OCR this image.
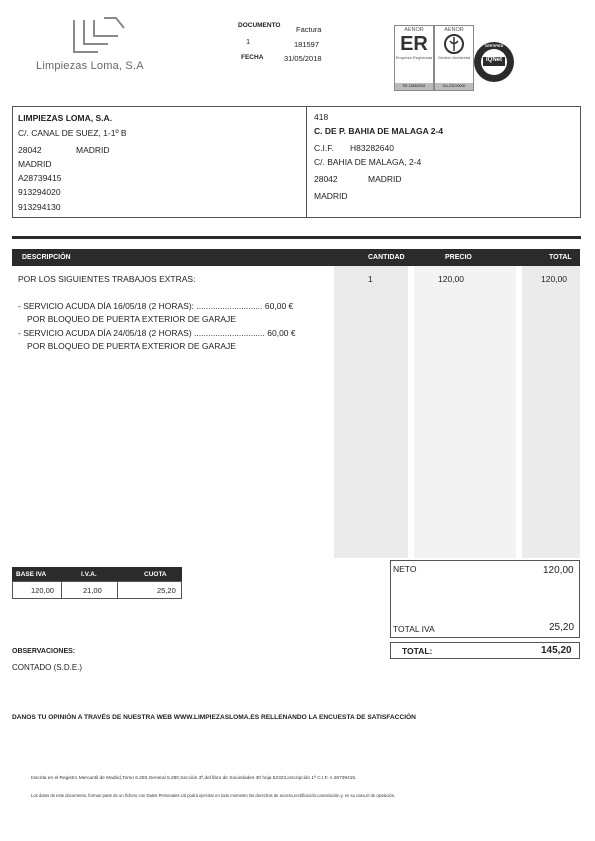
Limpiezas Loma, S.A
DOCUMENTO Factura
1	181597
FECHA	31/05/2018
AENOR
ER
Empresa Registrada
ER-1858/2006
AENOR
Gestión Ambiental
GA-2010/0000
IQNet
CERTIFIED
LIMPIEZAS LOMA, S.A.
C/. CANAL DE SUEZ, 1-1º B
28042	MADRID
MADRID
A28739415
913294020
913294130
418
C. DE P. BAHIA DE MALAGA 2-4
C.I.F. H83282640
C/. BAHIA DE MALAGA, 2-4
28042	MADRID
MADRID
DESCRIPCIÓN	CANTIDAD	PRECIO	TOTAL
POR LOS SIGUIENTES TRABAJOS EXTRAS:	1	120,00	120,00
- SERVICIO ACUDA DÍA 16/05/18 (2 HORAS): ............................ 60,00 €
POR BLOQUEO DE PUERTA EXTERIOR DE GARAJE
- SERVICIO ACUDA DÍA 24/05/18 (2 HORAS) .............................. 60,00 €
POR BLOQUEO DE PUERTA EXTERIOR DE GARAJE
BASE IVA	I.V.A.	CUOTA
120,00	21,00	25,20
NETO	120,00
TOTAL IVA	25,20
TOTAL:	145,20
OBSERVACIONES:
CONTADO (S.D.E.)
DANOS TU OPINIÓN A TRAVÉS DE NUESTRA WEB WWW.LIMPIEZASLOMA.ES RELLENANDO LA ENCUESTA DE SATISFACCIÓN
Inscrita en el Registro Mercantil de Madrid,Tomo 6.250,General 5.280,Sección 3ª,del libro de Sociedades 30 hoja 52323,inscripción 1ª C.I.F. A 28739415.
Los datos de este documento, forman parte de un fichero con Datos Personales.Ud podrá ejercitar en todo momento los derechos de acceso,rectificación,cancelación y, en su caso,el de oposición.
